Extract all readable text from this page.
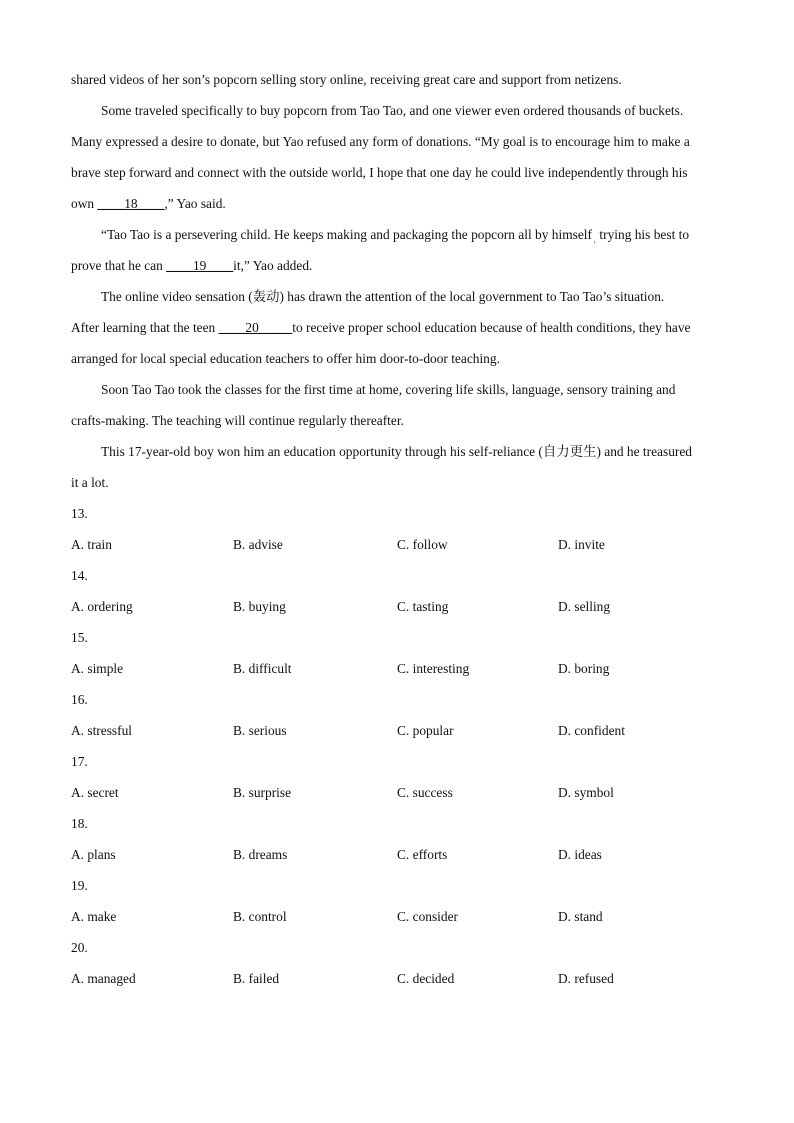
shared videos of her son’s popcorn selling story online, receiving great care and support from netizens.
Some traveled specifically to buy popcorn from Tao Tao, and one viewer even ordered thousands of buckets.
Many expressed a desire to donate, but Yao refused any form of donations. “My goal is to encourage him to make a
brave step forward and connect with the outside world, I hope that one day he could live independently through his
own ____18____,” Yao said.
“Tao Tao is a persevering child. He keeps making and packaging the popcorn all by himself$'$trying his best to
prove that he can ____19____it,” Yao added.
The online video sensation (轰动) has drawn the attention of the local government to Tao Tao’s situation.
After learning that the teen ____20_____to receive proper school education because of health conditions, they have
arranged for local special education teachers to offer him door-to-door teaching.
Soon Tao Tao took the classes for the first time at home, covering life skills, language, sensory training and
crafts-making. The teaching will continue regularly thereafter.
This 17-year-old boy won him an education opportunity through his self-reliance (自力更生) and he treasured
it a lot.
13.
A. train	B. advise	C. follow	D. invite
14.
A. ordering	B. buying	C. tasting	D. selling
15.
A. simple	B. difficult	C. interesting	D. boring
16.
A. stressful	B. serious	C. popular	D. confident
17.
A. secret	B. surprise	C. success	D. symbol
18.
A. plans	B. dreams	C. efforts	D. ideas
19.
A. make	B. control	C. consider	D. stand
20.
A. managed	B. failed	C. decided	D. refused
